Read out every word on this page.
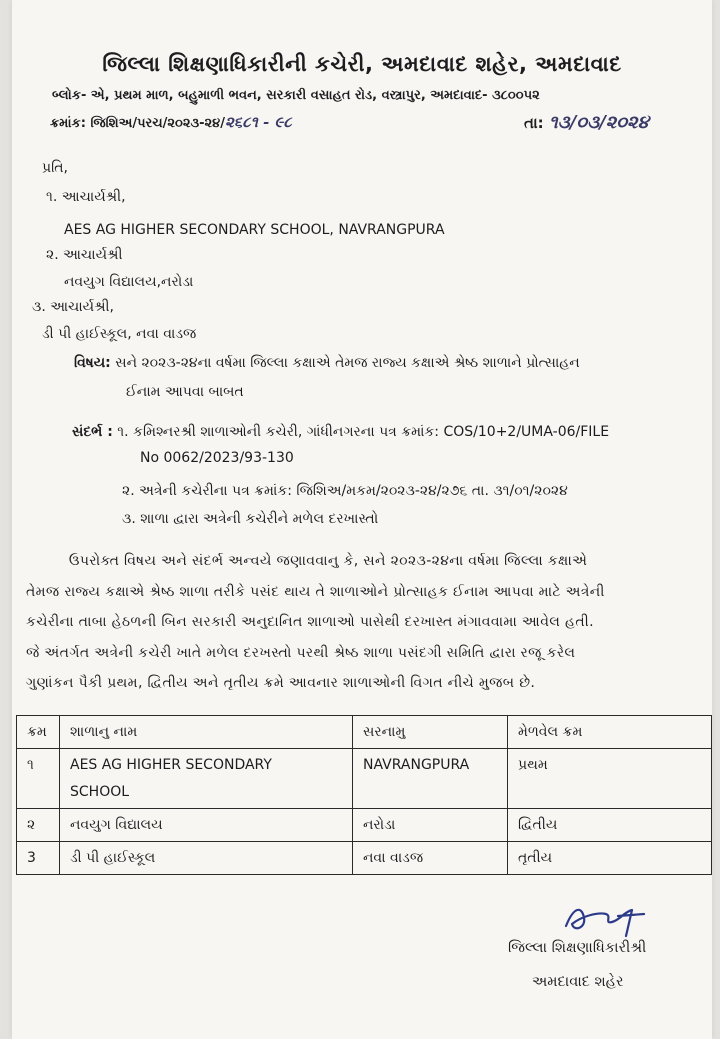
જિલ્લા શિક્ષણાધિકારીની કચેરી, અમદાવાદ શહેર, અમદાવાદ
બ્લોક- એ, પ્રથમ માળ, બહુમાળી ભવન, સરકારી વસાહત રોડ, વસ્ત્રાપુર, અમદાવાદ- ૩૮૦૦૫૨
ક્રમાંક: જિશિઅ/પરચ/૨૦૨૩-૨૪/૨૬૮૧ - ૯૮	તા: ૧૩/૦૩/૨૦૨૪
પ્રતિ,
૧. આચાર્યશ્રી,
AES AG HIGHER SECONDARY SCHOOL, NAVRANGPURA
૨. આચાર્યશ્રી
નવયુગ વિદ્યાલય,નરોડા
૩. આચાર્યશ્રી,
ડી પી હાઈસ્કૂલ, નવા વાડજ
વિષય: સને ૨૦૨૩-૨૪ના વર્ષમા જિલ્લા કક્ષાએ તેમજ રાજ્ય કક્ષાએ શ્રેષ્ઠ શાળાને પ્રોત્સાહન
ઈનામ આપવા બાબત
સંદર્ભ : ૧. કમિશ્નરશ્રી શાળાઓની કચેરી, ગાંધીનગરના પત્ર ક્રમાંક: COS/10+2/UMA-06/FILE
No 0062/2023/93-130
૨. અત્રેની કચેરીના પત્ર ક્રમાંક: જિશિઅ/મકમ/૨૦૨૩-૨૪/૨૭૬ તા. ૩૧/૦૧/૨૦૨૪
૩. શાળા દ્વારા અત્રેની કચેરીને મળેલ દરખાસ્તો

ઉપરોક્ત વિષય અને સંદર્ભ અન્વયે જણાવવાનુ કે, સને ૨૦૨૩-૨૪ના વર્ષમા જિલ્લા કક્ષાએ

તેમજ રાજ્ય કક્ષાએ શ્રેષ્ઠ શાળા તરીકે પસંદ થાય તે શાળાઓને પ્રોત્સાહક ઈનામ આપવા માટે અત્રેની

કચેરીના તાબા હેઠળની બિન સરકારી અનુદાનિત શાળાઓ પાસેથી દરખાસ્ત મંગાવવામા આવેલ હતી.

જે અંતર્ગત અત્રેની કચેરી ખાતે મળેલ દરખસ્તો પરથી શ્રેષ્ઠ શાળા પસંદગી સમિતિ દ્વારા રજૂ કરેલ

ગુણાંકન પૈકી પ્રથમ, દ્વિતીય અને તૃતીય ક્રમે આવનાર શાળાઓની વિગત નીચે મુજબ છે.

ક્રમ	શાળાનુ નામ	સરનામુ	મેળવેલ ક્રમ
૧	AES AG HIGHER SECONDARY
SCHOOL	NAVRANGPURA	પ્રથમ
૨	નવયુગ વિદ્યાલય	નરોડા	દ્વિતીય
3	ડી પી હાઈસ્કૂલ	નવા વાડજ	તૃતીય
જિલ્લા શિક્ષણાધિકારીશ્રી
અમદાવાદ શહેર
